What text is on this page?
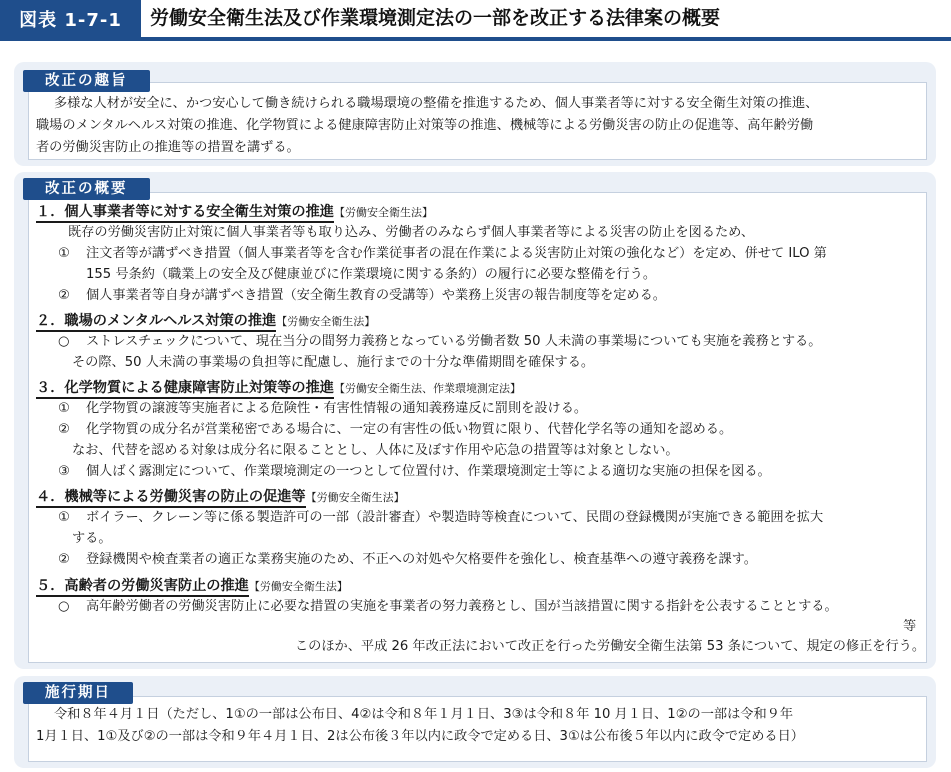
図表 1-7-1	労働安全衛生法及び作業環境測定法の一部を改正する法律案の概要
改正の趣旨
多様な人材が安全に、かつ安心して働き続けられる職場環境の整備を推進するため、個人事業者等に対する安全衛生対策の推進、
職場のメンタルヘルス対策の推進、化学物質による健康障害防止対策等の推進、機械等による労働災害の防止の促進等、高年齢労働
者の労働災害防止の推進等の措置を講ずる。
改正の概要
１．個人事業者等に対する安全衛生対策の推進【労働安全衛生法】
既存の労働災害防止対策に個人事業者等も取り込み、労働者のみならず個人事業者等による災害の防止を図るため、
① 注文者等が講ずべき措置（個人事業者等を含む作業従事者の混在作業による災害防止対策の強化など）を定め、併せて ILO 第
155 号条約（職業上の安全及び健康並びに作業環境に関する条約）の履行に必要な整備を行う。
② 個人事業者等自身が講ずべき措置（安全衛生教育の受講等）や業務上災害の報告制度等を定める。
２．職場のメンタルヘルス対策の推進【労働安全衛生法】
○ ストレスチェックについて、現在当分の間努力義務となっている労働者数 50 人未満の事業場についても実施を義務とする。
その際、50 人未満の事業場の負担等に配慮し、施行までの十分な準備期間を確保する。
３．化学物質による健康障害防止対策等の推進【労働安全衛生法、作業環境測定法】
① 化学物質の譲渡等実施者による危険性・有害性情報の通知義務違反に罰則を設ける。
② 化学物質の成分名が営業秘密である場合に、一定の有害性の低い物質に限り、代替化学名等の通知を認める。
なお、代替を認める対象は成分名に限ることとし、人体に及ぼす作用や応急の措置等は対象としない。
③ 個人ばく露測定について、作業環境測定の一つとして位置付け、作業環境測定士等による適切な実施の担保を図る。
４．機械等による労働災害の防止の促進等【労働安全衛生法】
① ボイラー、クレーン等に係る製造許可の一部（設計審査）や製造時等検査について、民間の登録機関が実施できる範囲を拡大
する。
② 登録機関や検査業者の適正な業務実施のため、不正への対処や欠格要件を強化し、検査基準への遵守義務を課す。
５．高齢者の労働災害防止の推進【労働安全衛生法】
○ 高年齢労働者の労働災害防止に必要な措置の実施を事業者の努力義務とし、国が当該措置に関する指針を公表することとする。
等
このほか、平成 26 年改正法において改正を行った労働安全衛生法第 53 条について、規定の修正を行う。
施行期日
令和８年４月１日（ただし、1①の一部は公布日、4②は令和８年１月１日、3③は令和８年 10 月１日、1②の一部は令和９年
1月１日、1①及び②の一部は令和９年４月１日、2は公布後３年以内に政令で定める日、3①は公布後５年以内に政令で定める日）
